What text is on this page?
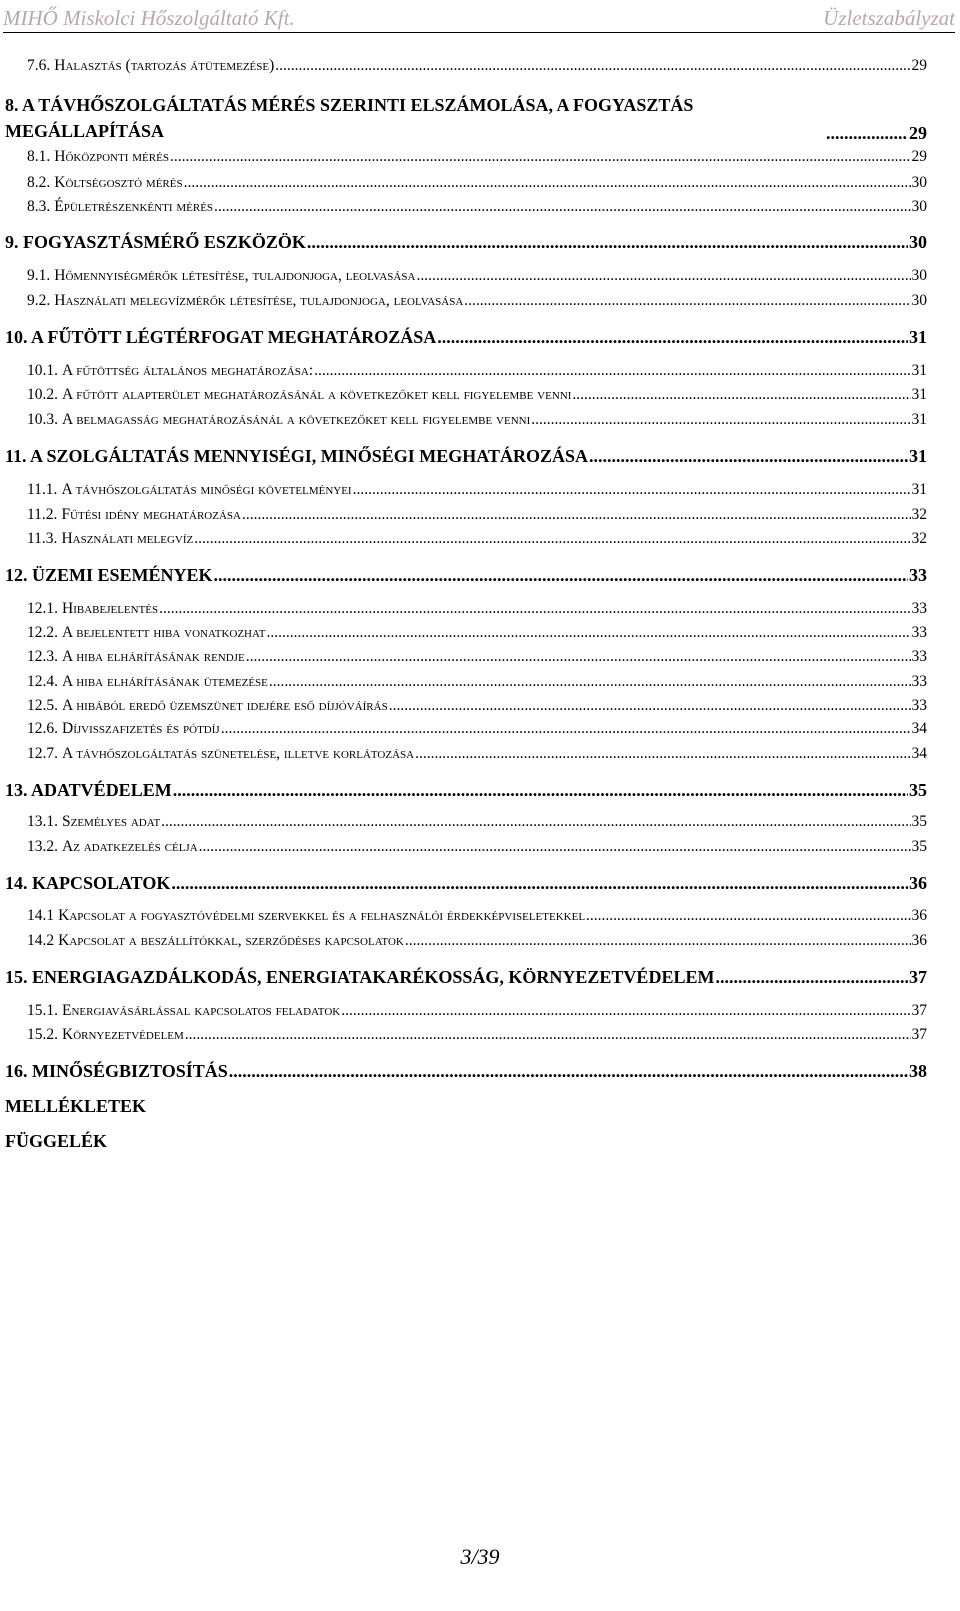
MIHŐ Miskolci Hőszolgáltató Kft.	Üzletszabályzat
7.6. Halasztás (tartozás átütemezése) .....	29
8. A TÁVHŐSZOLGÁLTATÁS MÉRÉS SZERINTI ELSZÁMOLÁSA, A FOGYASZTÁS MEGÁLLAPÍTÁSA .....	29
8.1. Hőközponti mérés .....	29
8.2. Költségosztó mérés .....	30
8.3. Épületrészenkénti mérés .....	30
9. FOGYASZTÁSMÉRŐ ESZKÖZÖK .....	30
9.1. Hőmennyiségmérők létesítése, tulajdonjoga, leolvasása .....	30
9.2. Használati melegvízmérők létesítése, tulajdonjoga, leolvasása .....	30
10. A FŰTÖTT LÉGTÉRFOGAT MEGHATÁROZÁSA .....	31
10.1. A fűtöttség általános meghatározása: .....	31
10.2. A fűtött alapterület meghatározásánál a következőket kell figyelembe venni .....	31
10.3. A belmagasság meghatározásánál a következőket kell figyelembe venni .....	31
11. A SZOLGÁLTATÁS MENNYISÉGI, MINŐSÉGI MEGHATÁROZÁSA .....	31
11.1. A távhőszolgáltatás minőségi követelményei .....	31
11.2. Fűtési idény meghatározása .....	32
11.3. Használati melegvíz .....	32
12. ÜZEMI ESEMÉNYEK .....	33
12.1. Hibabejelentés .....	33
12.2. A bejelentett hiba vonatkozhat .....	33
12.3. A hiba elhárításának rendje .....	33
12.4. A hiba elhárításának ütemezése .....	33
12.5. A hibából eredő üzemszünet idejére eső díjjóváírás .....	33
12.6. Díjvisszafizetés és pótdíj .....	34
12.7. A távhőszolgáltatás szünetelése, illetve korlátozása .....	34
13. ADATVÉDELEM .....	35
13.1. Személyes adat .....	35
13.2. Az adatkezelés célja .....	35
14. KAPCSOLATOK .....	36
14.1 Kapcsolat a fogyasztóvédelmi szervekkel és a felhasználói érdekképviseletekkel .....	36
14.2 Kapcsolat a beszállítókkal, szerződéses kapcsolatok .....	36
15. ENERGIAGAZDÁLKODÁS, ENERGIATAKARÉKOSSÁG, KÖRNYEZETVÉDELEM .....	37
15.1. Energiavásárlással kapcsolatos feladatok .....	37
15.2. Környezetvédelem .....	37
16. MINŐSÉGBIZTOSÍTÁS .....	38
MELLÉKLETEK
FÜGGELÉK
3/39
